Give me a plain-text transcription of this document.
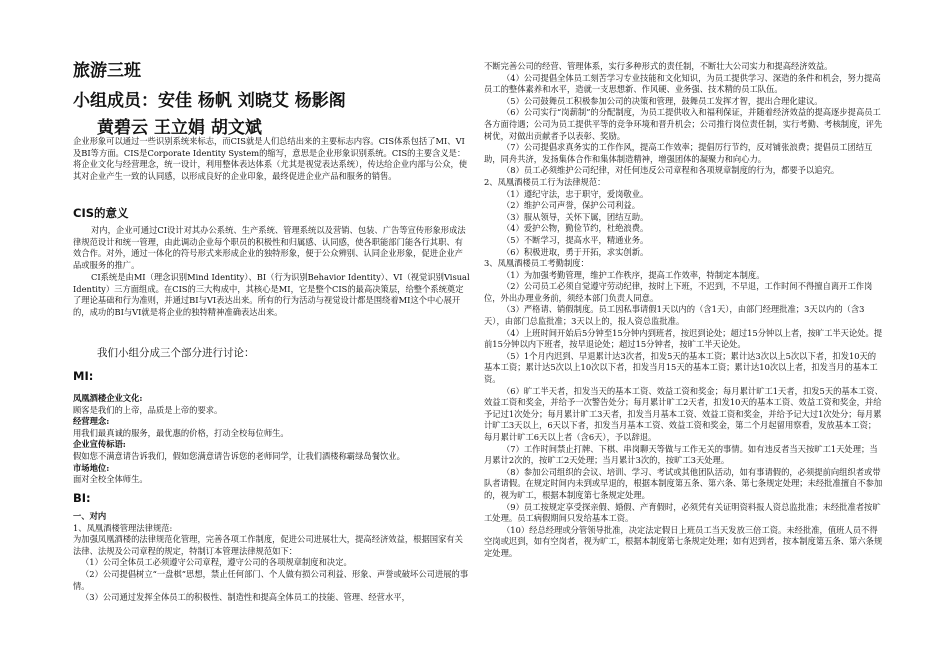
旅游三班
小组成员：安佳 杨帆 刘晓艾 杨影阁
黄碧云 王立娟 胡文斌

企业形象可以通过一些识别系统来标志，而CIS就是人们总结出来的主要标志内容。CIS体系包括了MI、VI及BI等方面。CIS是Corporate Identity System的缩写，意思是企业形象识别系统。CIS的主要含义是：将企业文化与经营理念，统一设计，利用整体表达体系（尤其是视觉表达系统），传达给企业内部与公众，使其对企业产生一致的认同感，以形成良好的企业印象，最终促进企业产品和服务的销售。

CIS的意义

对内，企业可通过CI设计对其办公系统、生产系统、管理系统以及营销、包装、广告等宣传形象形成法律规范设计和统一管理，由此调动企业每个职员的积极性和归属感、认同感，使各职能部门能各行其职、有效合作。对外，通过一体化的符号形式来形成企业的独特形象，便于公众辨别、认同企业形象，促进企业产品或服务的推广。

CI系统是由MI（理念识别Mind Identity）、BI（行为识别Behavior Identity）、VI（视觉识别Visual Identity）三方面组成。在CIS的三大构成中，其核心是MI，它是整个CIS的最高决策层，给整个系统奠定了理论基础和行为准则，并通过BI与VI表达出来。所有的行为活动与视觉设计都是围绕着MI这个中心展开的，成功的BI与VI就是将企业的独特精神准确表达出来。

我们小组分成三个部分进行讨论：
MI:

凤凰酒楼企业文化:

顾客是我们的上帝，品质是上帝的要求。

经营理念:

用我们最真诚的服务，最优惠的价格，打动全校每位师生。

企业宣传标语:

假如您不满意请告诉我们，假如您满意请告诉您的老师同学，让我们酒楼称霸绿岛餐饮业。

市场地位:

面对全校全体师生。

BI:

一、对内

1、凤凰酒楼管理法律规范:

为加强凤凰酒楼的法律规范化管理，完善各项工作制度，促进公司进展壮大，提高经济效益，根据国家有关法律、法规及公司章程的规定，特制订本管理法律规范如下：

（1）公司全体员工必须遵守公司章程，遵守公司的各项规章制度和决定。

（2）公司提倡树立“一盘棋”思想，禁止任何部门、个人做有损公司利益、形象、声誉或破坏公司进展的事情。

（3）公司通过发挥全体员工的积极性、制造性和提高全体员工的技能、管理、经营水平，

不断完善公司的经营、管理体系，实行多种形式的责任制，不断壮大公司实力和提高经济效益。

（4）公司提倡全体员工刻苦学习专业技能和文化知识，为员工提供学习、深造的条件和机会，努力提高员工的整体素养和水平，造就一支思想新、作风硬、业务强、技术精的员工队伍。

（5）公司鼓舞员工积极参加公司的决策和管理，鼓舞员工发挥才智，提出合理化建议。

（6）公司实行“岗薪制”的分配制度，为员工提供收入和福利保证，并随着经济效益的提高逐步提高员工各方面待遇；公司为员工提供平等的竞争环境和晋升机会；公司推行岗位责任制，实行考勤、考核制度，评先树优，对做出贡献者予以表彰、奖励。

（7）公司提倡求真务实的工作作风，提高工作效率；提倡厉行节约，反对铺张浪费；提倡员工团结互助，同舟共济，发扬集体合作和集体制造精神，增强团体的凝聚力和向心力。

（8）员工必须维护公司纪律，对任何违反公司章程和各项规章制度的行为，都要予以追究。

2、凤凰酒楼员工行为法律规范：

（1）遵纪守法，忠于职守，爱岗敬业。

（2）维护公司声誉，保护公司利益。

（3）服从领导，关怀下属，团结互助。

（4）爱护公物，勤俭节约，杜绝浪费。

（5）不断学习，提高水平，精通业务。

（6）积极进取，勇于开拓，求实创新。

3、凤凰酒楼员工考勤制度：

（1）为加强考勤管理，维护工作秩序，提高工作效率，特制定本制度。

（2）公司员工必须自觉遵守劳动纪律，按时上下班，不迟到，不早退，工作时间不得擅自离开工作岗位，外出办理业务前，须经本部门负责人同意。

（3）严格请、销假制度。员工因私事请假1天以内的（含1天），由部门经理批准；3天以内的（含3天），由部门总监批准；3天以上的，报人资总监批准。

（4）上班时间开始后5分钟至15分钟内到班者，按迟到论处；超过15分钟以上者，按旷工半天论处。提前15分钟以内下班者，按早退论处；超过15分钟者，按旷工半天论处。

（5）1个月内迟到、早退累计达3次者，扣发5天的基本工资；累计达3次以上5次以下者，扣发10天的基本工资；累计达5次以上10次以下者，扣发当月15天的基本工资；累计达10次以上者，扣发当月的基本工资。

（6）旷工半天者，扣发当天的基本工资、效益工资和奖金；每月累计旷工1天者，扣发5天的基本工资、效益工资和奖金，并给予一次警告处分；每月累计旷工2天者，扣发10天的基本工资、效益工资和奖金，并给予记过1次处分；每月累计旷工3天者，扣发当月基本工资、效益工资和奖金，并给予记大过1次处分；每月累计旷工3天以上，6天以下者，扣发当月基本工资、效益工资和奖金，第二个月起留用察看，发放基本工资；每月累计旷工6天以上者（含6天），予以辞退。

（7）工作时间禁止打牌、下棋、串岗聊天等做与工作无关的事情。如有违反者当天按旷工1天处理；当月累计2次的，按旷工2天处理；当月累计3次的，按旷工3天处理。

（8）参加公司组织的会议、培训、学习、考试或其他团队活动，如有事请假的，必须提前向组织者或带队者请假。在规定时间内未到或早退的，根据本制度第五条、第六条、第七条规定处理；未经批准擅自不参加的，视为旷工，根据本制度第七条规定处理。

（9）员工按规定享受探亲假、婚假、产育假时，必须凭有关证明资料报人资总监批准；未经批准者按旷工处理。员工病假期间只发给基本工资。

（10）经总经理或分管领导批准，决定法定假日上班员工当天发放三倍工资。未经批准，值班人员不得空岗或迟到，如有空岗者，视为旷工，根据本制度第七条规定处理；如有迟到者，按本制度第五条、第六条规定处理。
